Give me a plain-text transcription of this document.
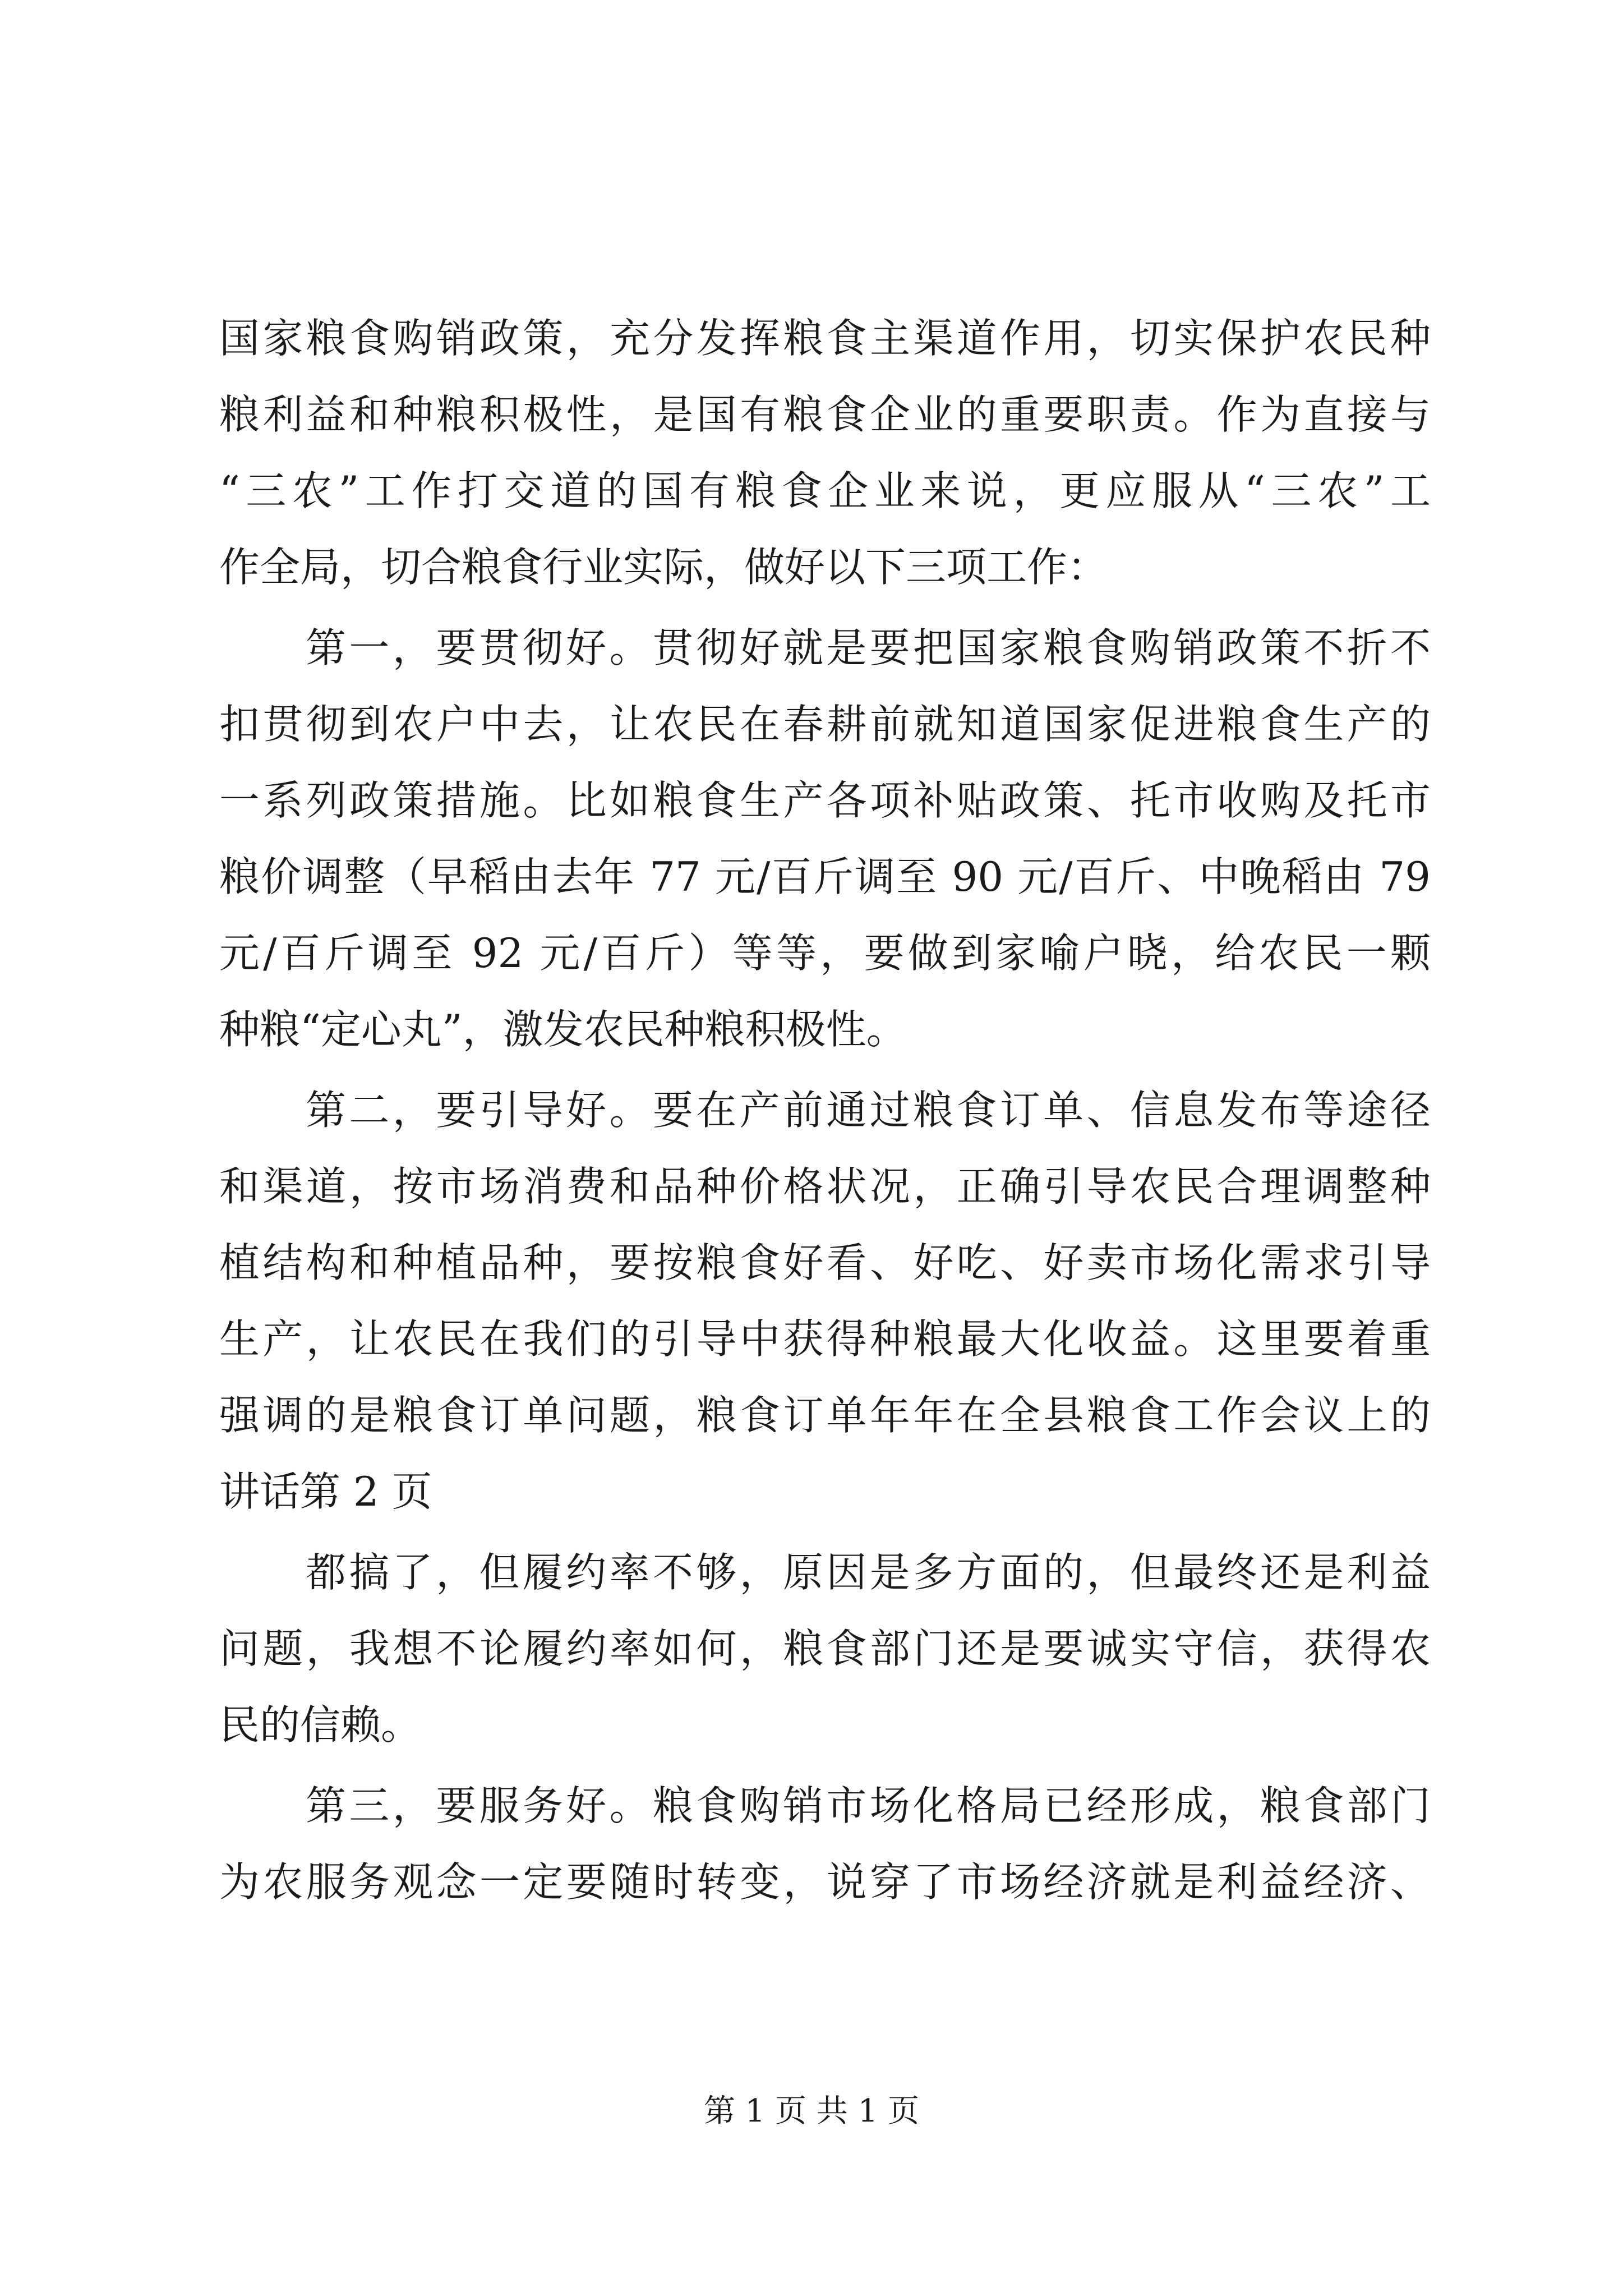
国家粮食购销政策，充分发挥粮食主渠道作用，切实保护农民种
粮利益和种粮积极性，是国有粮食企业的重要职责。作为直接与
“三农”工作打交道的国有粮食企业来说，更应服从“三农”工
作全局，切合粮食行业实际，做好以下三项工作：
第一，要贯彻好。贯彻好就是要把国家粮食购销政策不折不
扣贯彻到农户中去，让农民在春耕前就知道国家促进粮食生产的
一系列政策措施。比如粮食生产各项补贴政策、托市收购及托市
粮价调整（早稻由去年 77 元/百斤调至 90 元/百斤、中晚稻由 79
元/百斤调至 92 元/百斤）等等，要做到家喻户晓，给农民一颗
种粮“定心丸”，激发农民种粮积极性。
第二，要引导好。要在产前通过粮食订单、信息发布等途径
和渠道，按市场消费和品种价格状况，正确引导农民合理调整种
植结构和种植品种，要按粮食好看、好吃、好卖市场化需求引导
生产，让农民在我们的引导中获得种粮最大化收益。这里要着重
强调的是粮食订单问题，粮食订单年年在全县粮食工作会议上的
讲话第 2 页
都搞了，但履约率不够，原因是多方面的，但最终还是利益
问题，我想不论履约率如何，粮食部门还是要诚实守信，获得农
民的信赖。
第三，要服务好。粮食购销市场化格局已经形成，粮食部门
为农服务观念一定要随时转变，说穿了市场经济就是利益经济、
第 1 页 共 1 页
